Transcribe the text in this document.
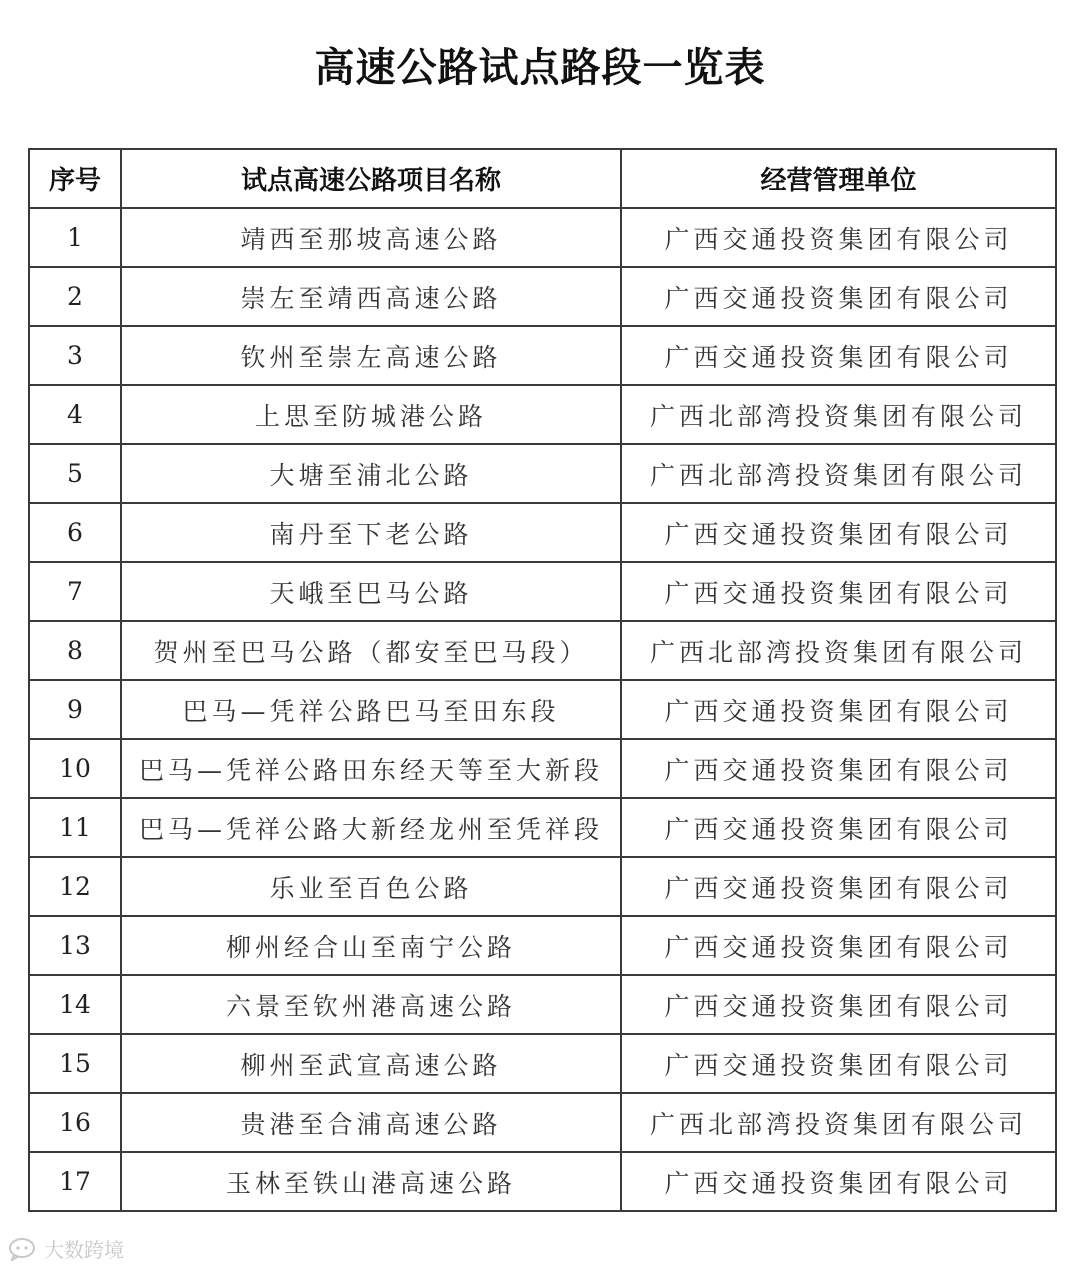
高速公路试点路段一览表
序号	试点高速公路项目名称	经营管理单位
1	靖西至那坡高速公路	广西交通投资集团有限公司
2	崇左至靖西高速公路	广西交通投资集团有限公司
3	钦州至崇左高速公路	广西交通投资集团有限公司
4	上思至防城港公路	广西北部湾投资集团有限公司
5	大塘至浦北公路	广西北部湾投资集团有限公司
6	南丹至下老公路	广西交通投资集团有限公司
7	天峨至巴马公路	广西交通投资集团有限公司
8	贺州至巴马公路（都安至巴马段）	广西北部湾投资集团有限公司
9	巴马—凭祥公路巴马至田东段	广西交通投资集团有限公司
10	巴马—凭祥公路田东经天等至大新段	广西交通投资集团有限公司
11	巴马—凭祥公路大新经龙州至凭祥段	广西交通投资集团有限公司
12	乐业至百色公路	广西交通投资集团有限公司
13	柳州经合山至南宁公路	广西交通投资集团有限公司
14	六景至钦州港高速公路	广西交通投资集团有限公司
15	柳州至武宣高速公路	广西交通投资集团有限公司
16	贵港至合浦高速公路	广西北部湾投资集团有限公司
17	玉林至铁山港高速公路	广西交通投资集团有限公司
大数跨境
